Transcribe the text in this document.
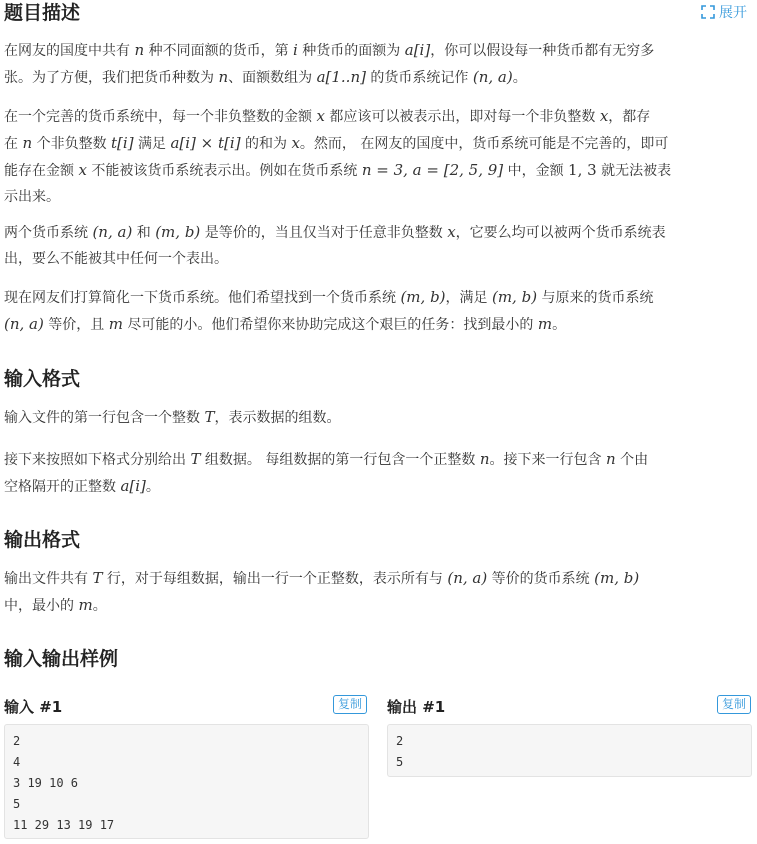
题目描述	展开

在网友的国度中共有 n 种不同面额的货币，第 i 种货币的面额为 a[i]，你可以假设每一种货币都有无穷多
张。为了方便，我们把货币种数为 n、面额数组为 a[1..n] 的货币系统记作 (n, a)。

在一个完善的货币系统中，每一个非负整数的金额 x 都应该可以被表示出，即对每一个非负整数 x，都存
在 n 个非负整数 t[i] 满足 a[i] × t[i] 的和为 x。然而， 在网友的国度中，货币系统可能是不完善的，即可
能存在金额 x 不能被该货币系统表示出。例如在货币系统 n = 3, a = [2, 5, 9] 中，金额 1, 3 就无法被表
示出来。

两个货币系统 (n, a) 和 (m, b) 是等价的，当且仅当对于任意非负整数 x，它要么均可以被两个货币系统表
出，要么不能被其中任何一个表出。

现在网友们打算简化一下货币系统。他们希望找到一个货币系统 (m, b)，满足 (m, b) 与原来的货币系统
(n, a) 等价，且 m 尽可能的小。他们希望你来协助完成这个艰巨的任务：找到最小的 m。

输入格式

输入文件的第一行包含一个整数 T，表示数据的组数。

接下来按照如下格式分别给出 T 组数据。 每组数据的第一行包含一个正整数 n。接下来一行包含 n 个由
空格隔开的正整数 a[i]。

输出格式

输出文件共有 T 行，对于每组数据，输出一行一个正整数，表示所有与 (n, a) 等价的货币系统 (m, b)
中，最小的 m。

输入输出样例
输入 #1	复制
2
4
3 19 10 6
5
11 29 13 19 17
输出 #1	复制
2
5
